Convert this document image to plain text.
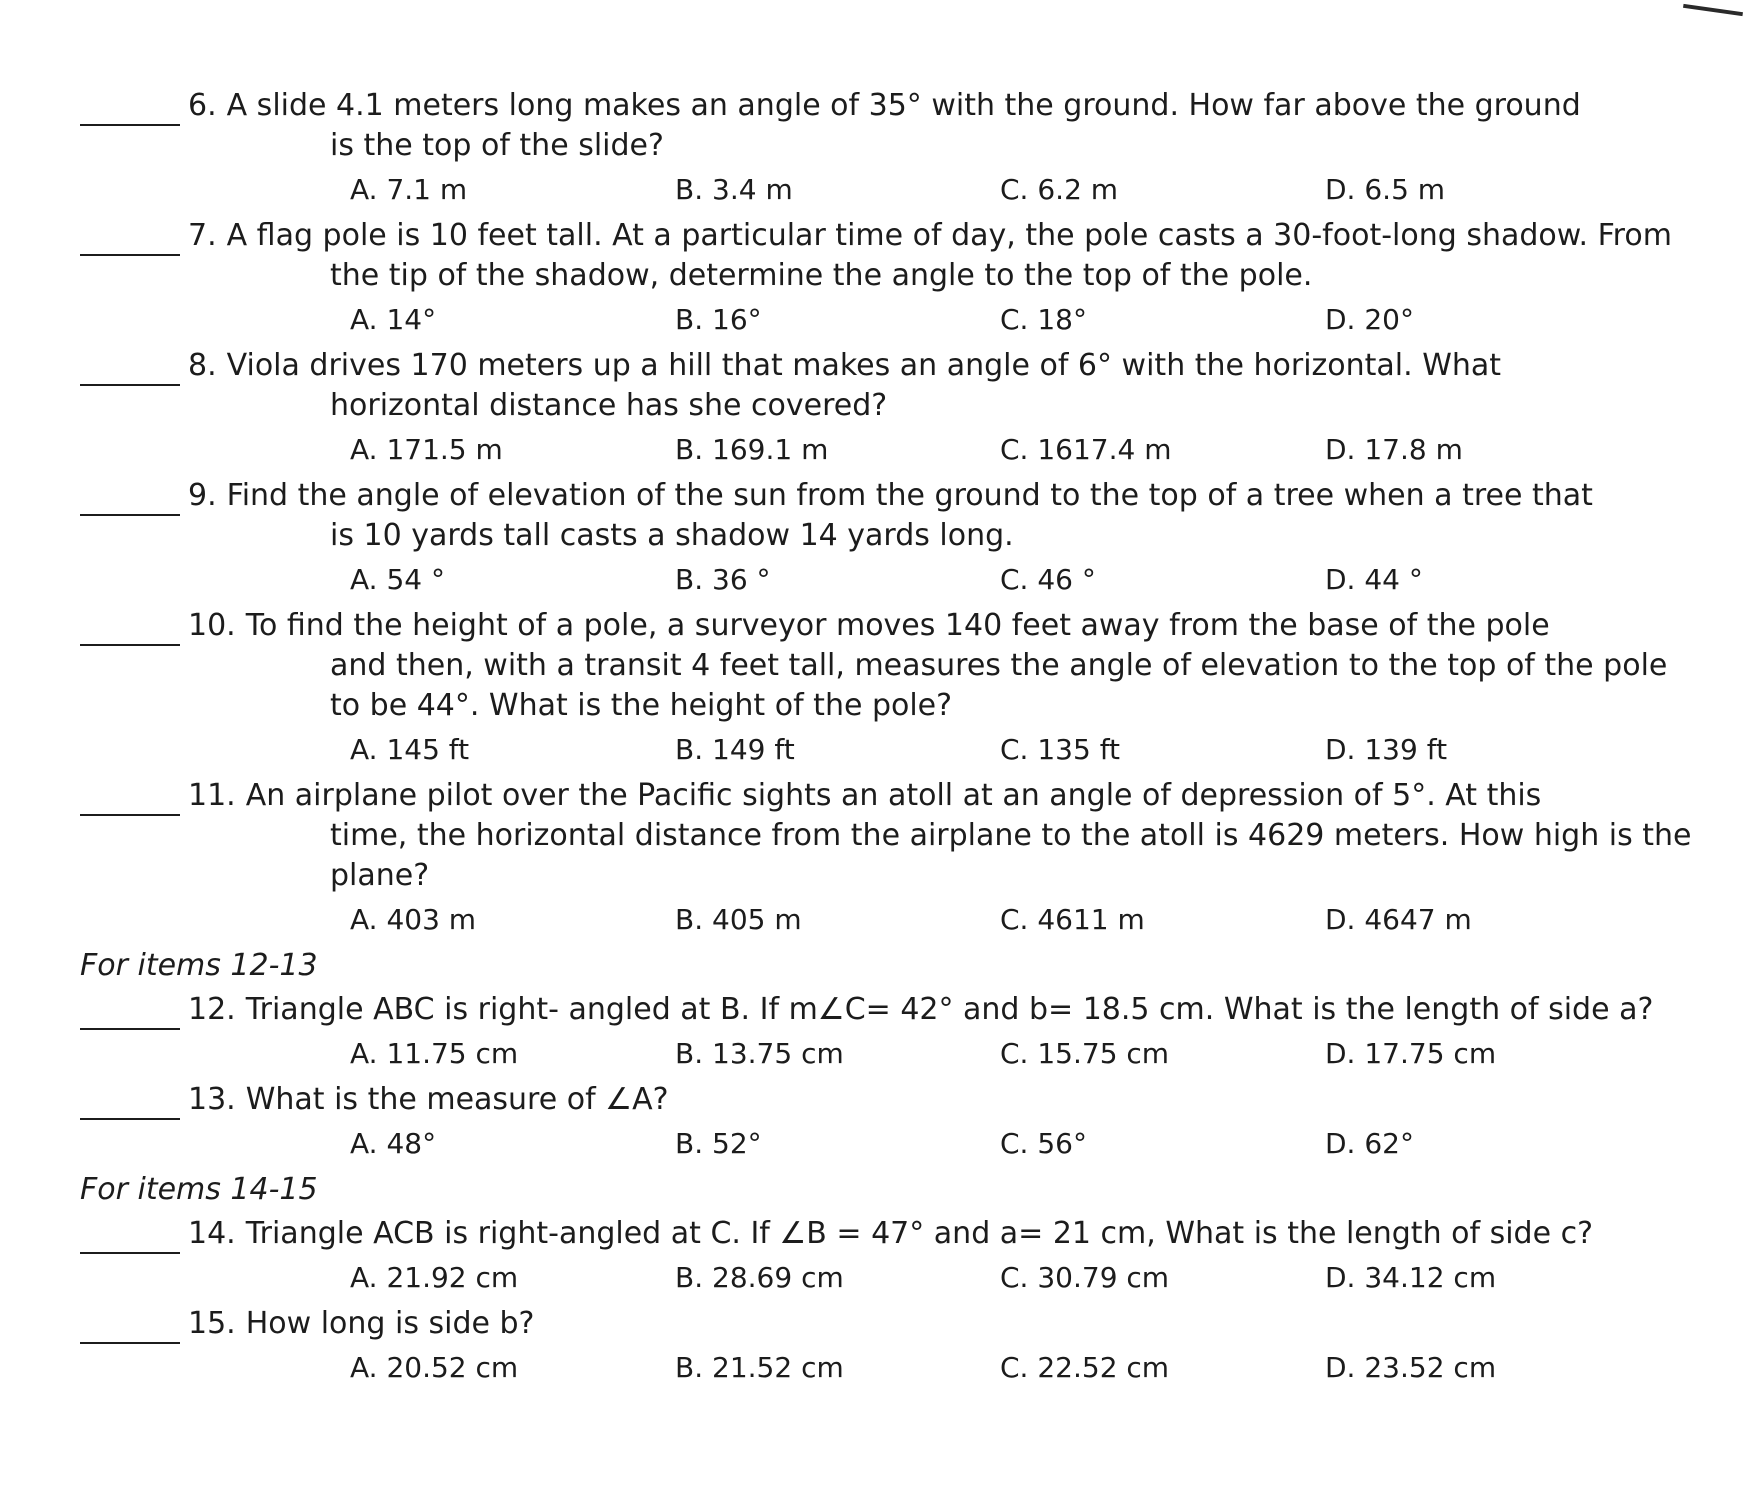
6. A slide 4.1 meters long makes an angle of 35° with the ground. How far above the ground
is the top of the slide?
A. 7.1 m	B. 3.4 m	C. 6.2 m	D. 6.5 m
7. A flag pole is 10 feet tall. At a particular time of day, the pole casts a 30-foot-long shadow. From
the tip of the shadow, determine the angle to the top of the pole.
A. 14°	B. 16°	C. 18°	D. 20°
8. Viola drives 170 meters up a hill that makes an angle of 6° with the horizontal. What
horizontal distance has she covered?
A. 171.5 m	B. 169.1 m	C. 1617.4 m	D. 17.8 m
9. Find the angle of elevation of the sun from the ground to the top of a tree when a tree that
is 10 yards tall casts a shadow 14 yards long.
A. 54 °	B. 36 °	C. 46 °	D. 44 °
10. To find the height of a pole, a surveyor moves 140 feet away from the base of the pole
and then, with a transit 4 feet tall, measures the angle of elevation to the top of the pole
to be 44°. What is the height of the pole?
A. 145 ft	B. 149 ft	C. 135 ft	D. 139 ft
11. An airplane pilot over the Pacific sights an atoll at an angle of depression of 5°. At this
time, the horizontal distance from the airplane to the atoll is 4629 meters. How high is the
plane?
A. 403 m	B. 405 m	C. 4611 m	D. 4647 m
For items 12-13
12. Triangle ABC is right- angled at B. If m∠C= 42° and b= 18.5 cm. What is the length of side a?
A. 11.75 cm	B. 13.75 cm	C. 15.75 cm	D. 17.75 cm
13. What is the measure of ∠A?
A. 48°	B. 52°	C. 56°	D. 62°
For items 14-15
14. Triangle ACB is right-angled at C. If ∠B = 47° and a= 21 cm, What is the length of side c?
A. 21.92 cm	B. 28.69 cm	C. 30.79 cm	D. 34.12 cm
15. How long is side b?
A. 20.52 cm	B. 21.52 cm	C. 22.52 cm	D. 23.52 cm
